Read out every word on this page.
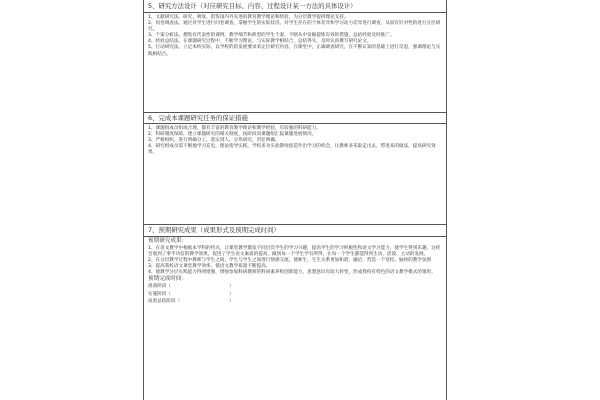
5、研究方法设计（对应研究目标、内容、过程设计某一方法的具体设计）

1、文献研究法。研究、吸收、借鉴国内外先进的教育教学理论和经验，为分层教学提供理论支持。

2、问卷调查法。通过对学生进行问卷调查，掌握学生的实际状况，对学生存在的个体差异和学习动力差异进行调查，从而有针对性的进行分层研究。

3、个案分析法。搜集有代表性的课例，教学细节和典型的学生个案，不断从中发掘提炼有效的措施，总结经验及时推广。

4、经验总结法。在课题研究过程中，不断学习理论，与实际教学相结合，总结得失，及时认真撰写研究论文。

5、行动研究法。立足本校实际，以学校的的发展要求来定位研究内容，在课堂中，正确调查研究，在不断认知的基础上进行反思，强调理论与实践相结合。

6、完成本课题研究任务的保证措施

1、课题组成员组成合理，都有丰富的教育教学理论和教学经验，有较强的科研能力。

2、科研制度保障，建立课题研究的相关制度，按阶段向课题组汇报课题进展情况。

3、严格组织，进行明确分工，落实到人，分块研究，责任明确。

4、研究组成员需不断地学习充电，理论指导实践，学校多为实验教师创造外出学习的机会，让教师多采取走出去，带进来的做法，提高研究效果。

7、预期研究成果（成果形式及预期完成时间）
预期研究成果：

1、在语文教学中根据本学科的特点，让课堂教学激发不同层次学生的学习兴趣，提高学生的学习积极性和语文学习能力，使学生得到乐趣，这样会收到了事半功倍的教学效果，促进了学生语文素质的提高，做到每一个学生学有所得，让每一个学生都能得到生动、活泼、主动的发展。

2、在分层教学过程中教师与学生之间，学生与学生之间进行情感交流，使师生、生生关系更加和谐，融洽，营造一个宽松、愉快的教学氛围

3、提高我校语文课堂教学效率，使语文教学质量不断提高。

4、使教学分层实践能力得到增强，增强参加科研教师的科研素养和创新能力，思想意识有较大转变，形成我校有特色的语文教学模式的雏形。

预期完成时间：
准备阶段（	）
实施阶段（	）
成果总结阶段（	）
